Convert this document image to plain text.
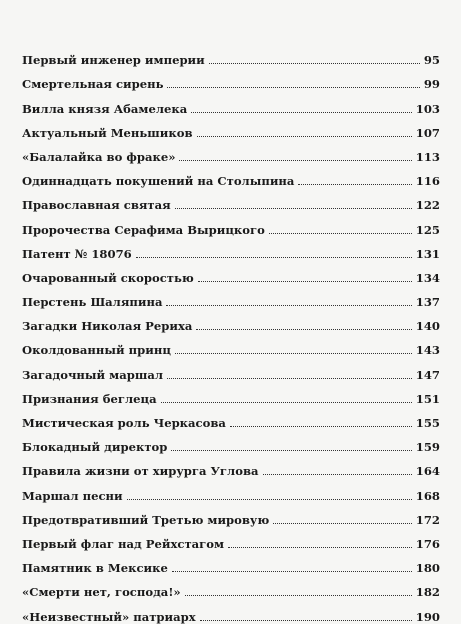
Первый инженер империи	95
Смертельная сирень	99
Вилла князя Абамелека	103
Актуальный Меньшиков	107
«Балалайка во фраке»	113
Одиннадцать покушений на Столыпина	116
Православная святая	122
Пророчества Серафима Вырицкого	125
Патент № 18076	131
Очарованный скоростью	134
Перстень Шаляпина	137
Загадки Николая Рериха	140
Околдованный принц	143
Загадочный маршал	147
Признания беглеца	151
Мистическая роль Черкасова	155
Блокадный директор	159
Правила жизни от хирурга Углова	164
Маршал песни	168
Предотвративший Третью мировую	172
Первый флаг над Рейхстагом	176
Памятник в Мексике	180
«Смерти нет, господа!»	182
«Неизвестный» патриарх	190
